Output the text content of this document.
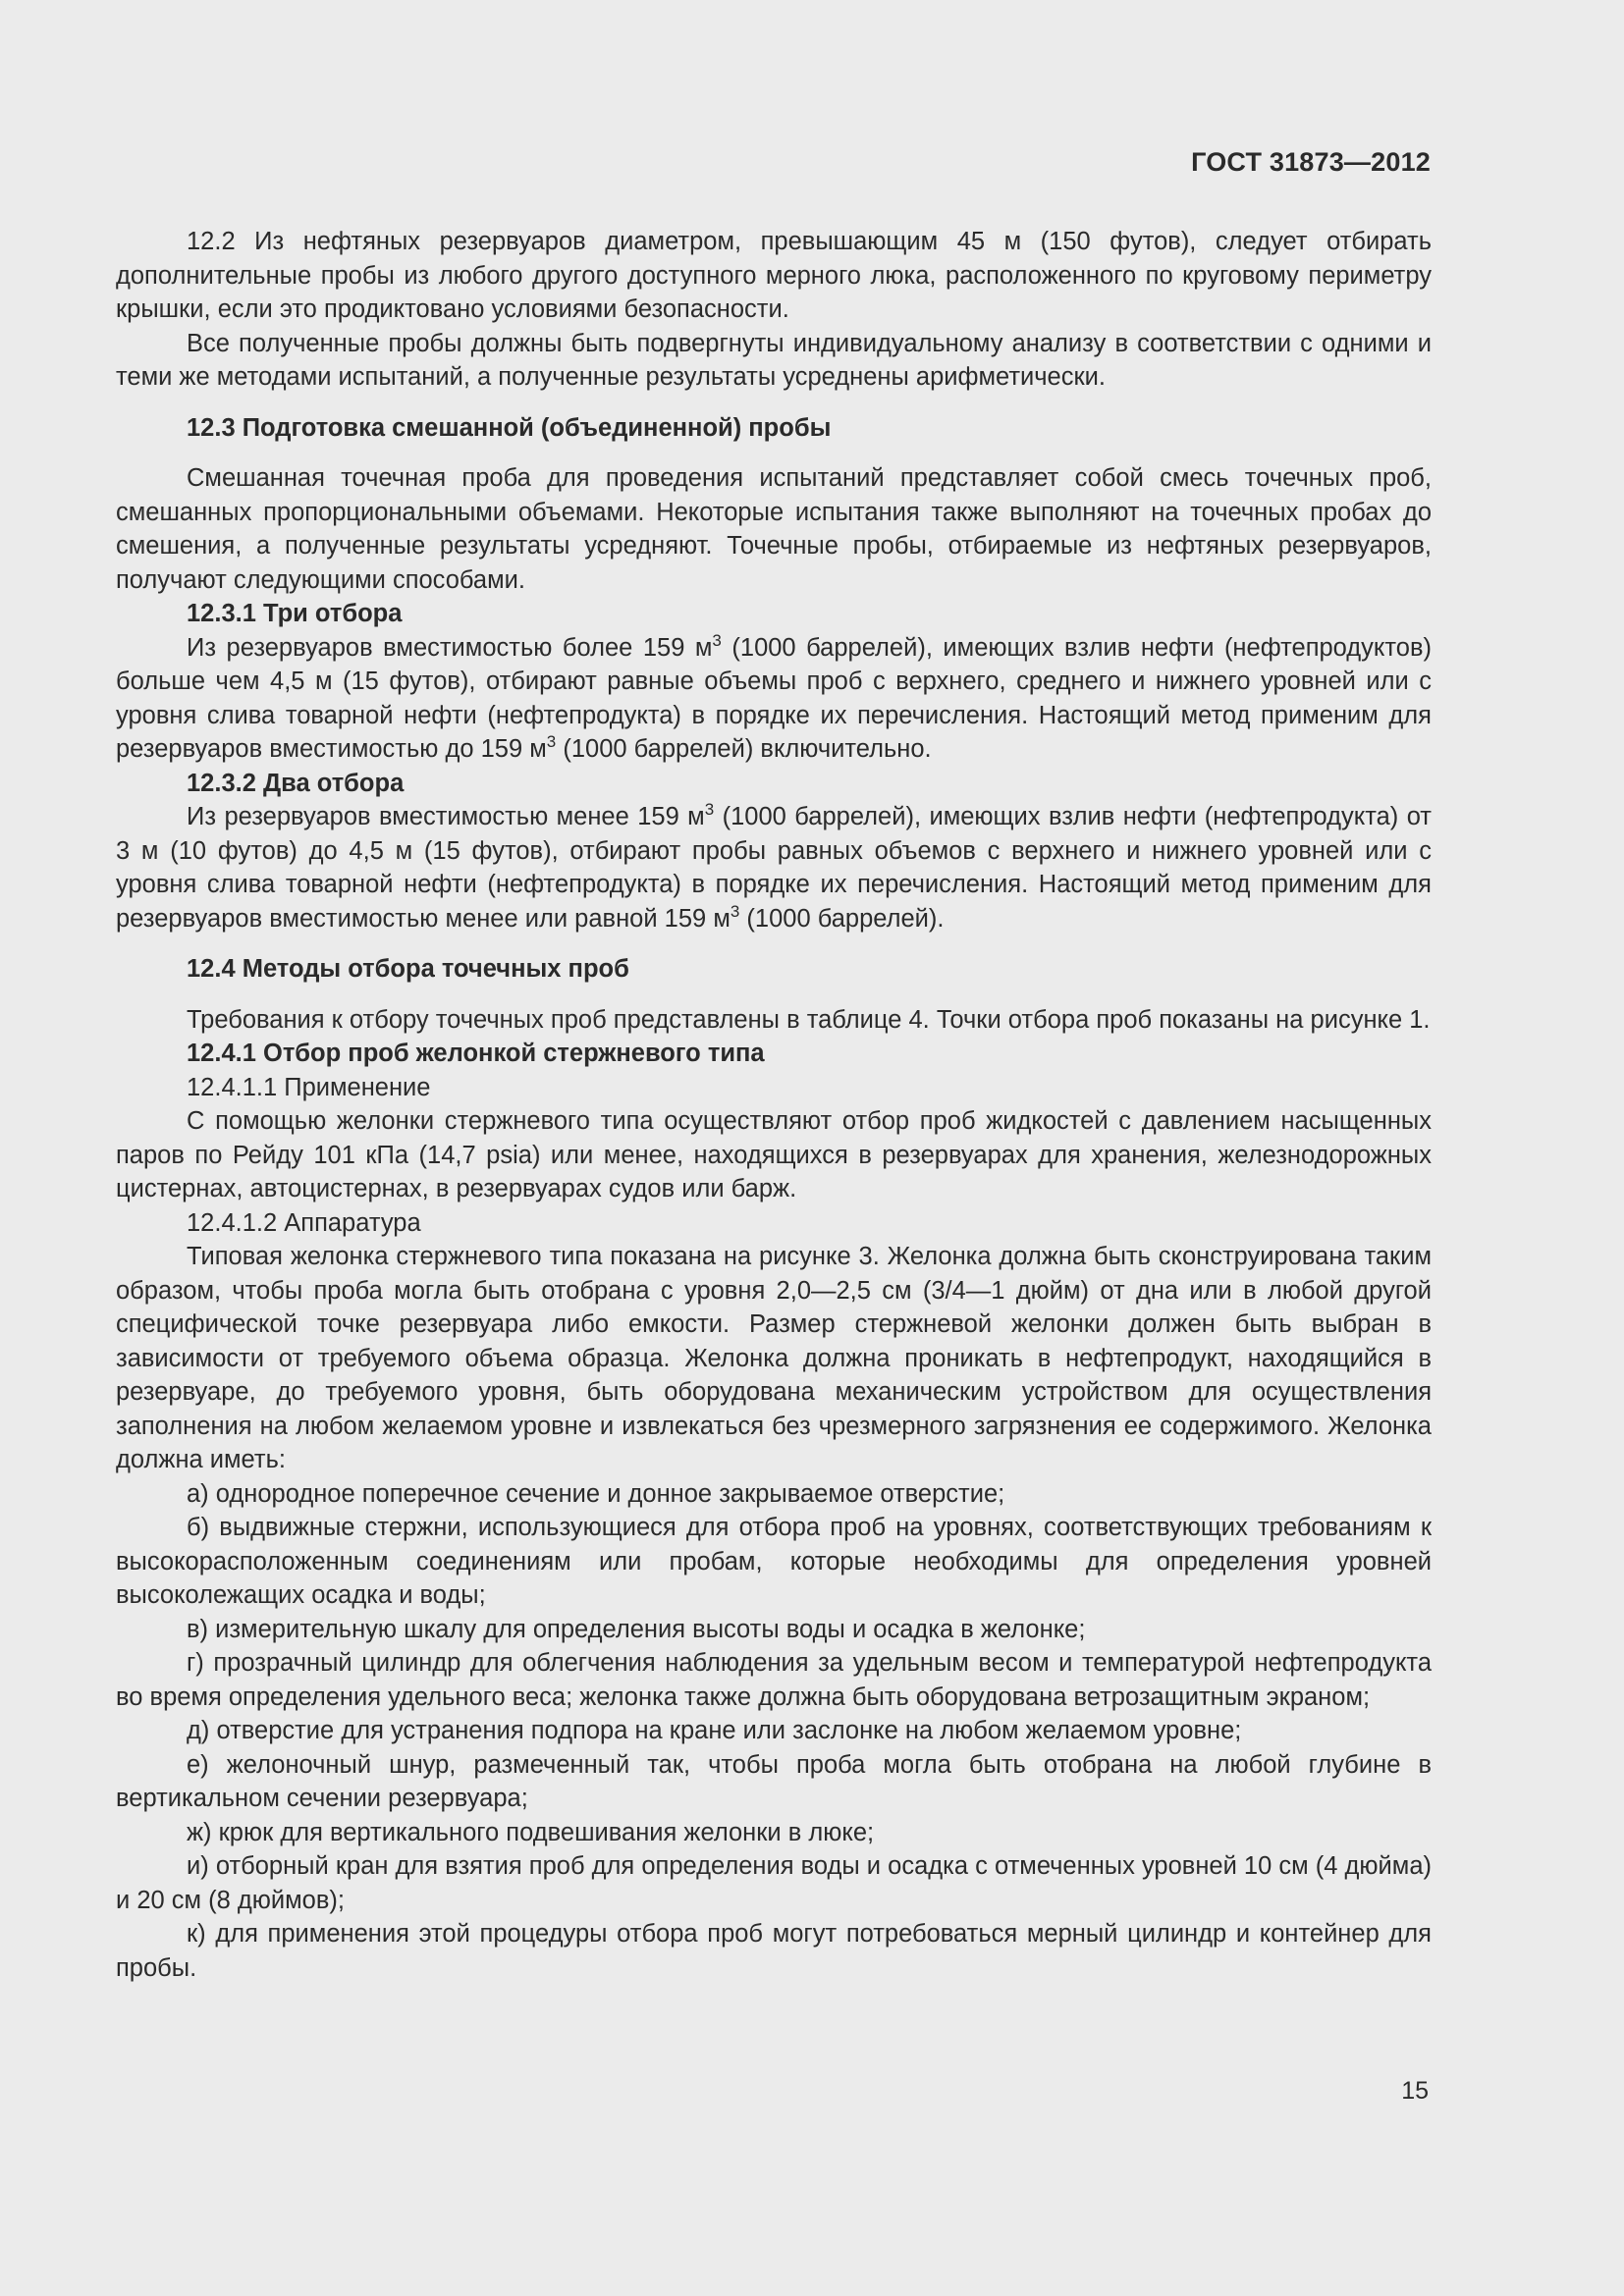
ГОСТ 31873—2012

12.2 Из нефтяных резервуаров диаметром, превышающим 45 м (150 футов), следует отбирать дополнительные пробы из любого другого доступного мерного люка, расположенного по круговому периметру крышки, если это продиктовано условиями безопасности.

Все полученные пробы должны быть подвергнуты индивидуальному анализу в соответствии с одними и теми же методами испытаний, а полученные результаты усреднены арифметически.

12.3 Подготовка смешанной (объединенной) пробы

Смешанная точечная проба для проведения испытаний представляет собой смесь точечных проб, смешанных пропорциональными объемами. Некоторые испытания также выполняют на точечных пробах до смешения, а полученные результаты усредняют. Точечные пробы, отбираемые из нефтяных резервуаров, получают следующими способами.

12.3.1 Три отбора

Из резервуаров вместимостью более 159 $м^3$ (1000 баррелей), имеющих взлив нефти (нефтепродуктов) больше чем 4,5 м (15 футов), отбирают равные объемы проб с верхнего, среднего и нижнего уровней или с уровня слива товарной нефти (нефтепродукта) в порядке их перечисления. Настоящий метод применим для резервуаров вместимостью до 159 $м^3$ (1000 баррелей) включительно.

12.3.2 Два отбора

Из резервуаров вместимостью менее 159 $м^3$ (1000 баррелей), имеющих взлив нефти (нефтепродукта) от 3 м (10 футов) до 4,5 м (15 футов), отбирают пробы равных объемов с верхнего и нижнего уровней или с уровня слива товарной нефти (нефтепродукта) в порядке их перечисления. Настоящий метод применим для резервуаров вместимостью менее или равной 159 $м^3$ (1000 баррелей).

12.4 Методы отбора точечных проб

Требования к отбору точечных проб представлены в таблице 4. Точки отбора проб показаны на рисунке 1.

12.4.1 Отбор проб желонкой стержневого типа

12.4.1.1 Применение

С помощью желонки стержневого типа осуществляют отбор проб жидкостей с давлением насыщенных паров по Рейду 101 кПа (14,7 psia) или менее, находящихся в резервуарах для хранения, железнодорожных цистернах, автоцистернах, в резервуарах судов или барж.

12.4.1.2 Аппаратура

Типовая желонка стержневого типа показана на рисунке 3. Желонка должна быть сконструирована таким образом, чтобы проба могла быть отобрана с уровня 2,0—2,5 см (3/4—1 дюйм) от дна или в любой другой специфической точке резервуара либо емкости. Размер стержневой желонки должен быть выбран в зависимости от требуемого объема образца. Желонка должна проникать в нефтепродукт, находящийся в резервуаре, до требуемого уровня, быть оборудована механическим устройством для осуществления заполнения на любом желаемом уровне и извлекаться без чрезмерного загрязнения ее содержимого. Желонка должна иметь:

а) однородное поперечное сечение и донное закрываемое отверстие;

б) выдвижные стержни, использующиеся для отбора проб на уровнях, соответствующих требованиям к высокорасположенным соединениям или пробам, которые необходимы для определения уровней высоколежащих осадка и воды;

в) измерительную шкалу для определения высоты воды и осадка в желонке;

г) прозрачный цилиндр для облегчения наблюдения за удельным весом и температурой нефтепродукта во время определения удельного веса; желонка также должна быть оборудована ветрозащитным экраном;

д) отверстие для устранения подпора на кране или заслонке на любом желаемом уровне;

е) желоночный шнур, размеченный так, чтобы проба могла быть отобрана на любой глубине в вертикальном сечении резервуара;

ж) крюк для вертикального подвешивания желонки в люке;

и) отборный кран для взятия проб для определения воды и осадка с отмеченных уровней 10 см (4 дюйма) и 20 см (8 дюймов);

к) для применения этой процедуры отбора проб могут потребоваться мерный цилиндр и контейнер для пробы.

15
